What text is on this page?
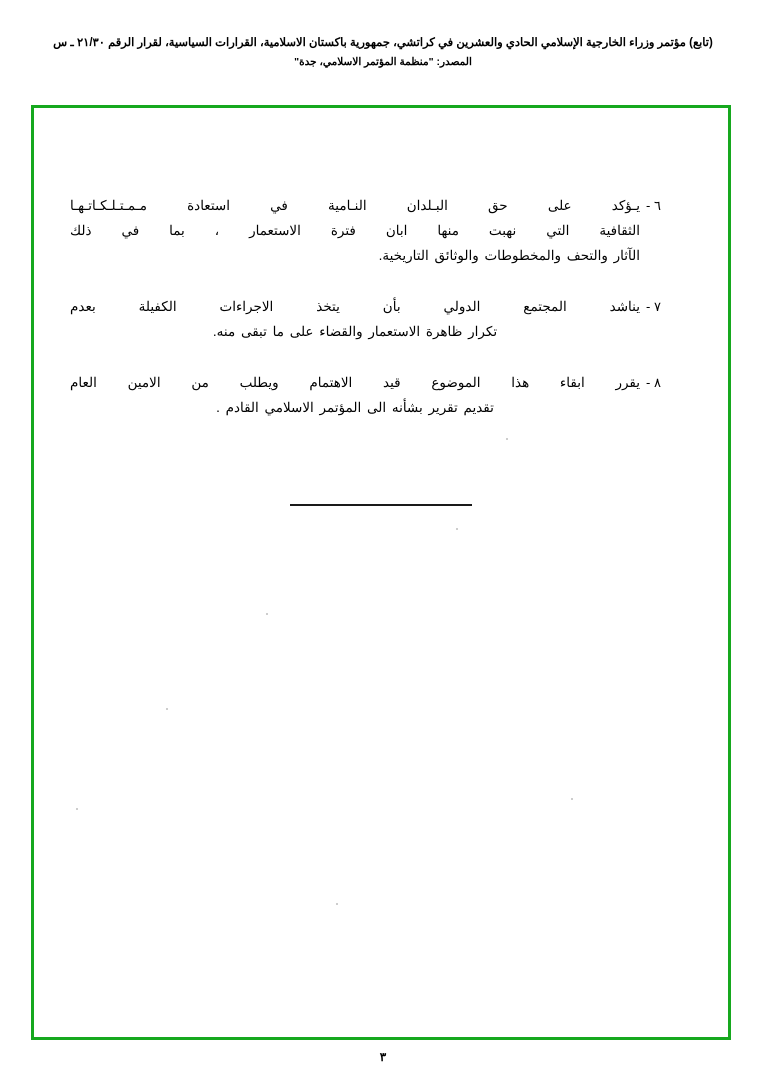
(تابع) مؤتمر وزراء الخارجية الإسلامي الحادي والعشرين في كراتشي، جمهورية باكستان الاسلامية، القرارات السياسية، لقرار الرقم ٢١/٣٠ ـ س
المصدر: "منظمة المؤتمر الاسلامي، جدة"
٦ -
يـؤكد على حق البـلدان النـامية في استعادة مـمـتـلـكـاتـهـا
الثقافية التي نهبت منها ابان فترة الاستعمار ، بما في ذلك
الآثار والتحف والمخطوطات والوثائق التاريخية.
٧ -
يناشد المجتمع الدولي بأن يتخذ الاجراءات الكفيلة بعدم
تكرار ظاهرة الاستعمار والقضاء على ما تبقى منه.
٨ -
يقرر ابقاء هذا الموضوع قيد الاهتمام ويطلب من الامين العام
تقديم تقرير بشأنه الى المؤتمر الاسلامي القادم .
٣
